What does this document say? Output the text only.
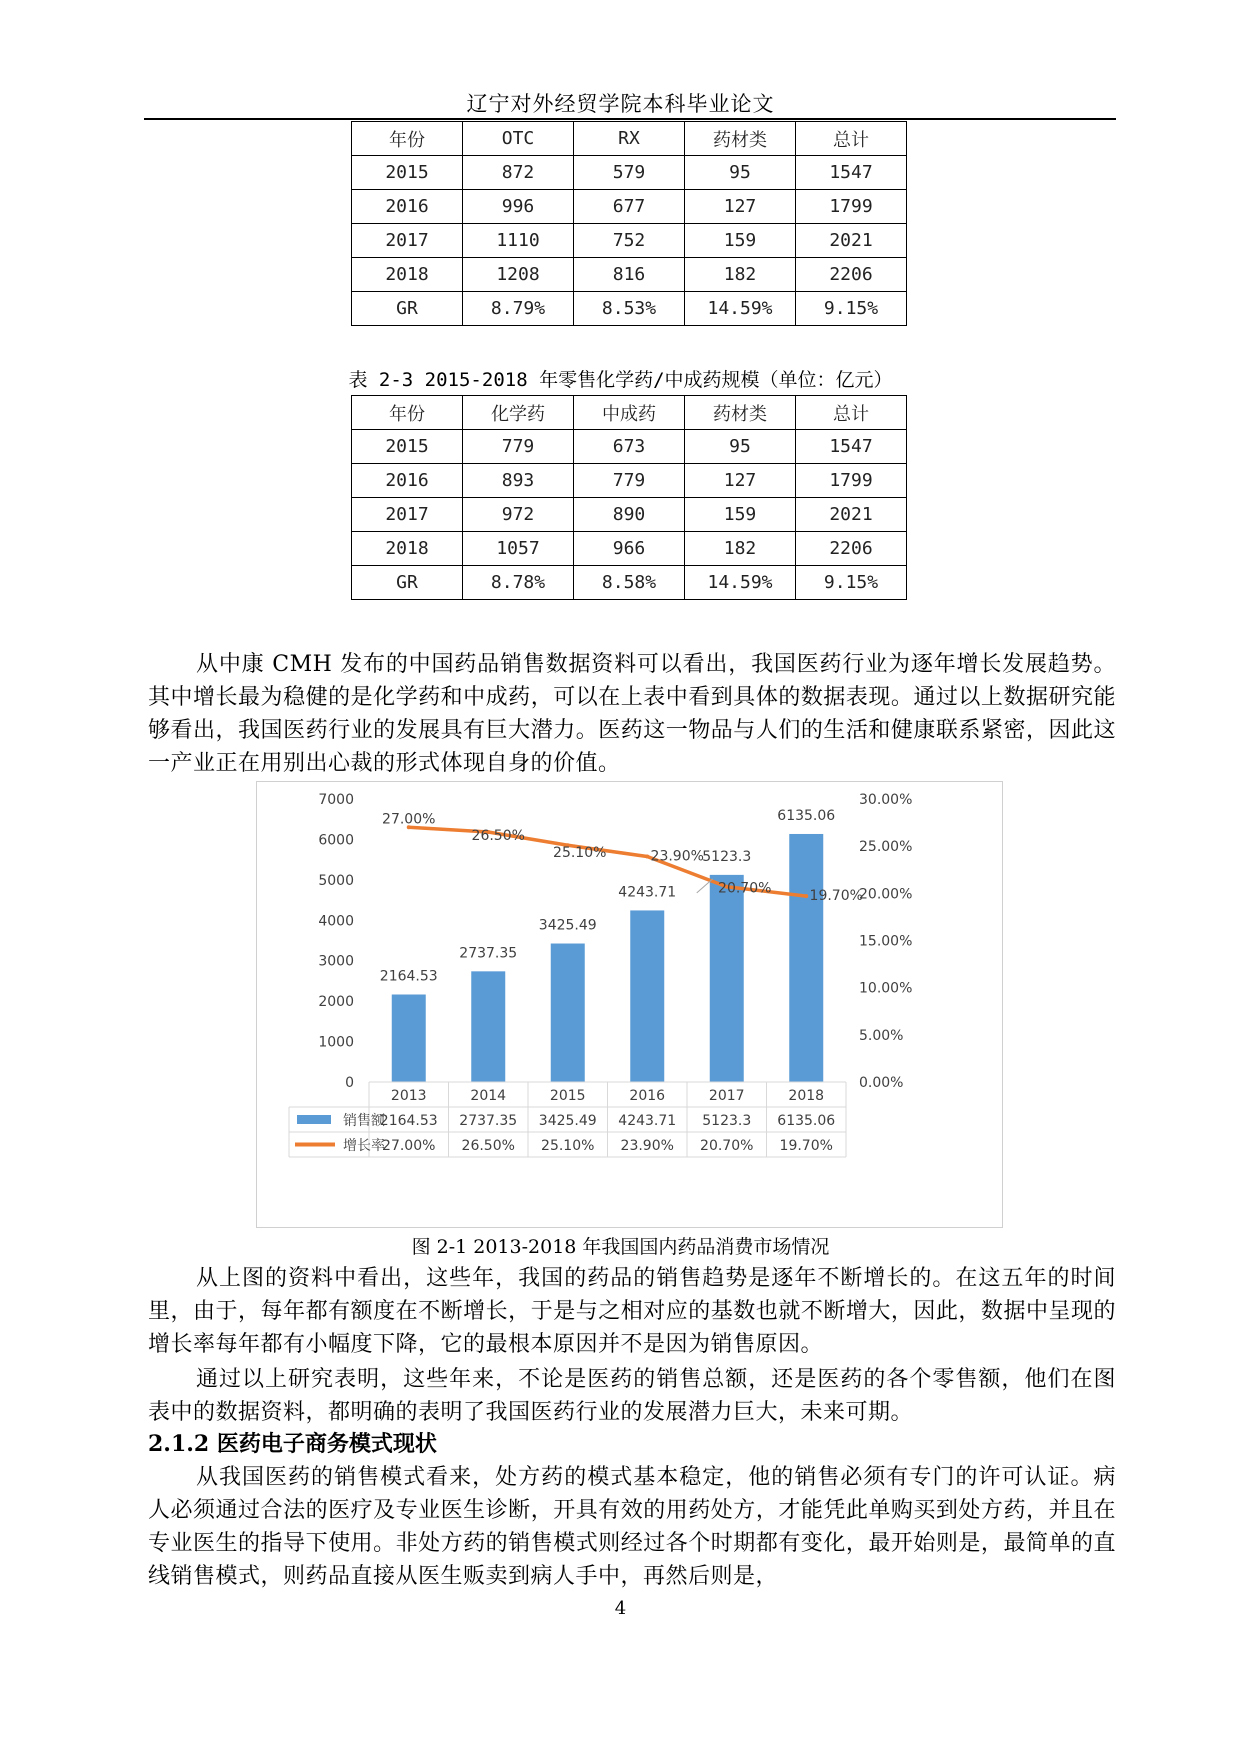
辽宁对外经贸学院本科毕业论文
年份	OTC	RX	药材类	总计
2015	872	579	95	1547
2016	996	677	127	1799
2017	1110	752	159	2021
2018	1208	816	182	2206
GR	8.79%	8.53%	14.59%	9.15%
表 2-3 2015-2018 年零售化学药/中成药规模（单位：亿元）
年份	化学药	中成药	药材类	总计
2015	779	673	95	1547
2016	893	779	127	1799
2017	972	890	159	2021
2018	1057	966	182	2206
GR	8.78%	8.58%	14.59%	9.15%
从中康 CMH 发布的中国药品销售数据资料可以看出，我国医药行业为逐年增长发展趋势。其中增长最为稳健的是化学药和中成药，可以在上表中看到具体的数据表现。通过以上数据研究能够看出，我国医药行业的发展具有巨大潜力。医药这一物品与人们的生活和健康联系紧密，因此这一产业正在用别出心裁的形式体现自身的价值。
0
1000
2000
3000
4000
5000
6000
7000
0.00%
5.00%
10.00%
15.00%
20.00%
25.00%
30.00%
2164.53
2737.35
3425.49
4243.71
5123.3
6135.06
27.00%
26.50%
25.10%	23.90%
20.70%	19.70%
2013	2014	2015	2016	2017	2018
销售额
2164.53 2737.35 3425.49 4243.71 5123.3 6135.06
增长率
27.00% 26.50% 25.10% 23.90% 20.70% 19.70%
图 2-1 2013-2018 年我国国内药品消费市场情况
从上图的资料中看出，这些年，我国的药品的销售趋势是逐年不断增长的。在这五年的时间里，由于，每年都有额度在不断增长，于是与之相对应的基数也就不断增大，因此，数据中呈现的增长率每年都有小幅度下降，它的最根本原因并不是因为销售原因。
通过以上研究表明，这些年来，不论是医药的销售总额，还是医药的各个零售额，他们在图表中的数据资料，都明确的表明了我国医药行业的发展潜力巨大，未来可期。
2.1.2 医药电子商务模式现状
从我国医药的销售模式看来，处方药的模式基本稳定，他的销售必须有专门的许可认证。病人必须通过合法的医疗及专业医生诊断，开具有效的用药处方，才能凭此单购买到处方药，并且在专业医生的指导下使用。非处方药的销售模式则经过各个时期都有变化，最开始则是，最简单的直线销售模式，则药品直接从医生贩卖到病人手中，再然后则是，
4
